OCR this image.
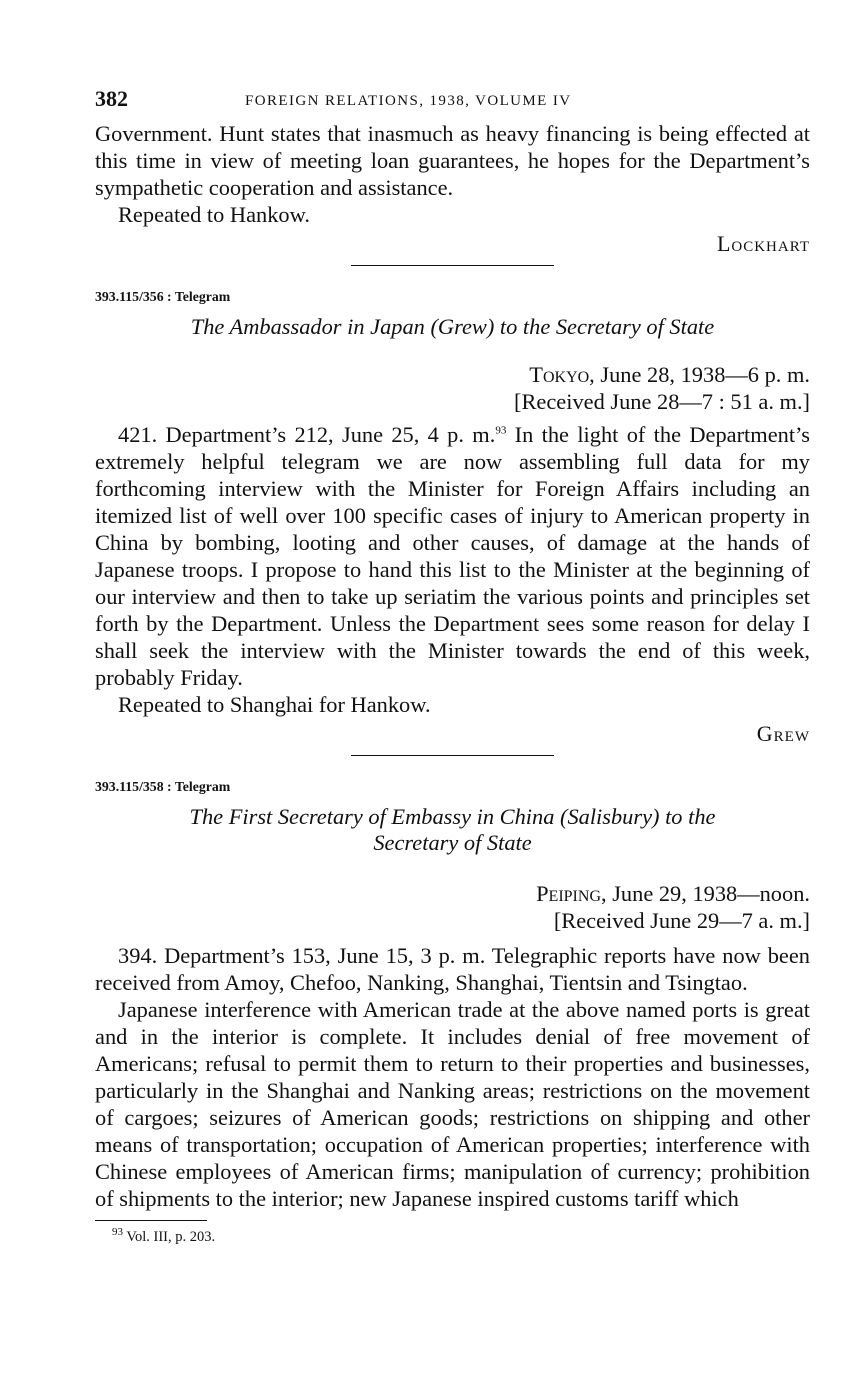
382	FOREIGN RELATIONS, 1938, VOLUME IV

Government. Hunt states that inasmuch as heavy financing is being effected at this time in view of meeting loan guarantees, he hopes for the Department’s sympathetic cooperation and assistance.

Repeated to Hankow.

Lockhart
393.115/356 : Telegram
The Ambassador in Japan (Grew) to the Secretary of State
Tokyo, June 28, 1938—6 p. m.
[Received June 28—7 : 51 a. m.]

421. Department’s 212, June 25, 4 p. m.$^{93}$ In the light of the Department’s extremely helpful telegram we are now assembling full data for my forthcoming interview with the Minister for Foreign Affairs including an itemized list of well over 100 specific cases of injury to American property in China by bombing, looting and other causes, of damage at the hands of Japanese troops. I propose to hand this list to the Minister at the beginning of our interview and then to take up seriatim the various points and principles set forth by the Department. Unless the Department sees some reason for delay I shall seek the interview with the Minister towards the end of this week, probably Friday.

Repeated to Shanghai for Hankow.

Grew
393.115/358 : Telegram
The First Secretary of Embassy in China (Salisbury) to the
Secretary of State
Peiping, June 29, 1938—noon.
[Received June 29—7 a. m.]

394. Department’s 153, June 15, 3 p. m. Telegraphic reports have now been received from Amoy, Chefoo, Nanking, Shanghai, Tientsin and Tsingtao.

Japanese interference with American trade at the above named ports is great and in the interior is complete. It includes denial of free movement of Americans; refusal to permit them to return to their properties and businesses, particularly in the Shanghai and Nanking areas; restrictions on the movement of cargoes; seizures of American goods; restrictions on shipping and other means of transportation; occupation of American properties; interference with Chinese employees of American firms; manipulation of currency; prohibition of shipments to the interior; new Japanese inspired customs tariff which

$^{93}$ Vol. III, p. 203.
